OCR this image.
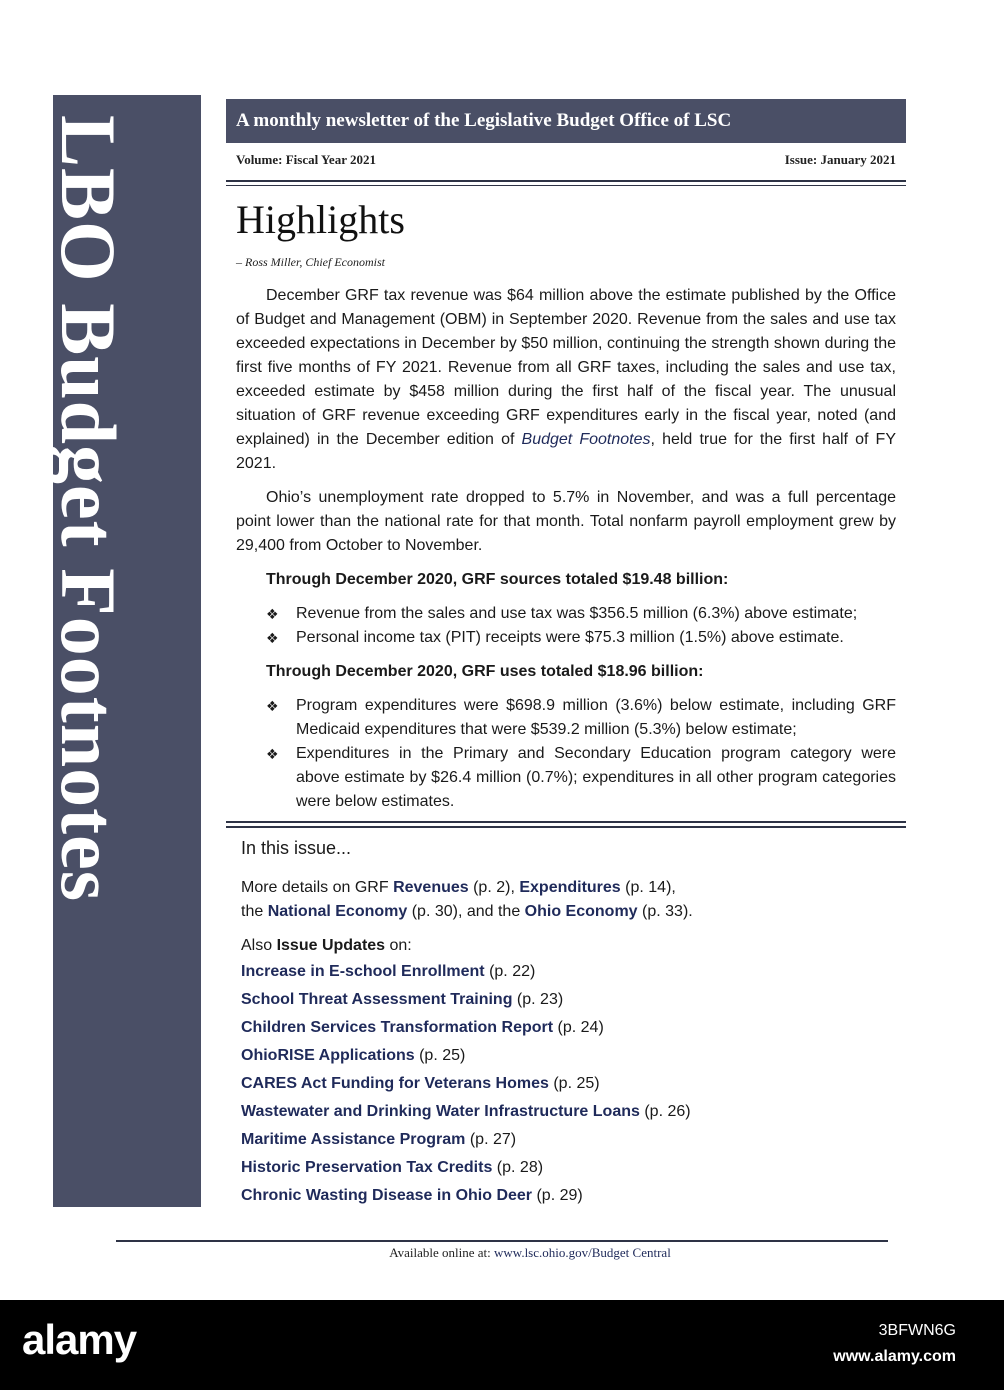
LBO Budget Footnotes	A monthly newsletter of the Legislative Budget Office of LSC
Volume: Fiscal Year 2021	Issue: January 2021
Highlights
– Ross Miller, Chief Economist

December GRF tax revenue was $64 million above the estimate published by the Office of Budget and Management (OBM) in September 2020. Revenue from the sales and use tax exceeded expectations in December by $50 million, continuing the strength shown during the first five months of FY 2021. Revenue from all GRF taxes, including the sales and use tax, exceeded estimate by $458 million during the first half of the fiscal year. The unusual situation of GRF revenue exceeding GRF expenditures early in the fiscal year, noted (and explained) in the December edition of Budget Footnotes, held true for the first half of FY 2021.

Ohio’s unemployment rate dropped to 5.7% in November, and was a full percentage point lower than the national rate for that month. Total nonfarm payroll employment grew by 29,400 from October to November.

Through December 2020, GRF sources totaled $19.48 billion:
❖ Revenue from the sales and use tax was $356.5 million (6.3%) above estimate;
❖ Personal income tax (PIT) receipts were $75.3 million (1.5%) above estimate.
Through December 2020, GRF uses totaled $18.96 billion:
❖ Program expenditures were $698.9 million (3.6%) below estimate, including GRF Medicaid expenditures that were $539.2 million (5.3%) below estimate;
❖ Expenditures in the Primary and Secondary Education program category were above estimate by $26.4 million (0.7%); expenditures in all other program categories were below estimates.
In this issue...
More details on GRF Revenues (p. 2), Expenditures (p. 14),
the National Economy (p. 30), and the Ohio Economy (p. 33).
Also Issue Updates on:
Increase in E-school Enrollment (p. 22)
School Threat Assessment Training (p. 23)
Children Services Transformation Report (p. 24)
OhioRISE Applications (p. 25)
CARES Act Funding for Veterans Homes (p. 25)
Wastewater and Drinking Water Infrastructure Loans (p. 26)
Maritime Assistance Program (p. 27)
Historic Preservation Tax Credits (p. 28)
Chronic Wasting Disease in Ohio Deer (p. 29)
Available online at: www.lsc.ohio.gov/Budget Central
alamy	3BFWN6G
www.alamy.com
